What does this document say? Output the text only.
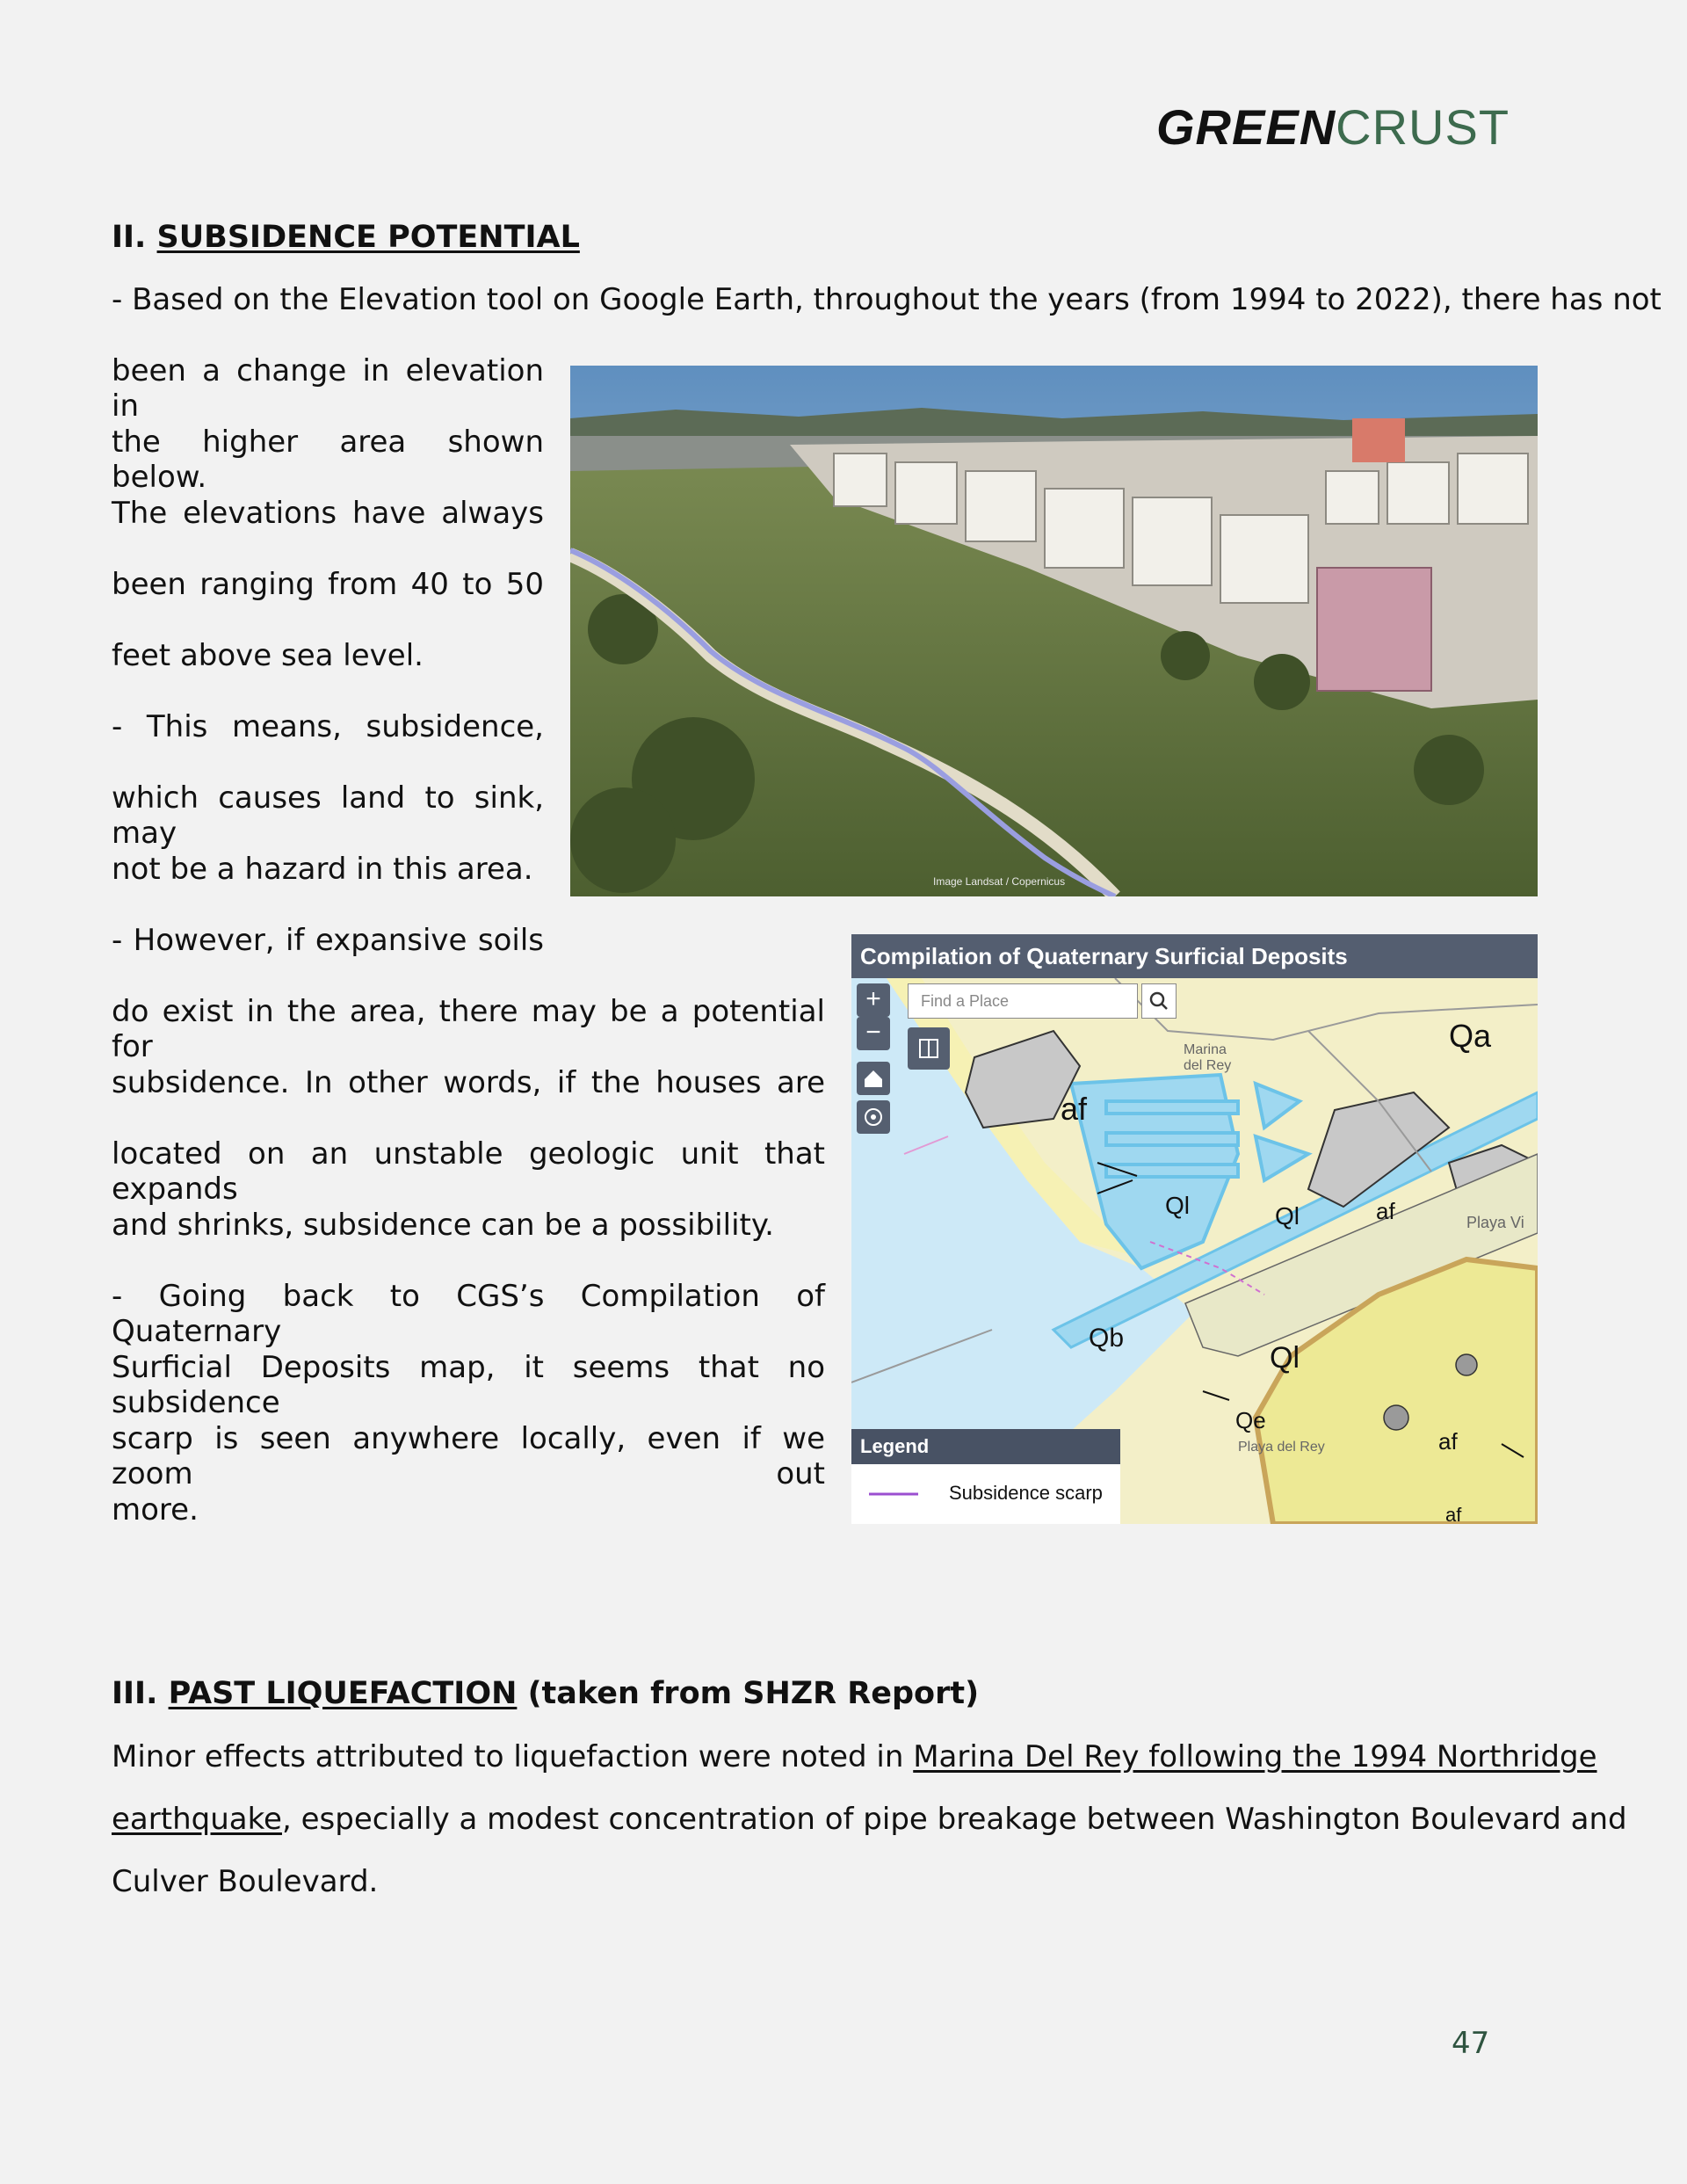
GREENCRUST
II. SUBSIDENCE POTENTIAL
- Based on the Elevation tool on Google Earth, throughout the years (from 1994 to 2022), there has not
been a change in elevation in
the higher area shown below.
The elevations have always
been ranging from 40 to 50
feet above sea level.
- This means, subsidence,
which causes land to sink, may
not be a hazard in this area.
- However, if expansive soils
do exist in the area, there may be a potential for
subsidence. In other words, if the houses are
located on an unstable geologic unit that expands
and shrinks, subsidence can be a possibility.
- Going back to CGS’s Compilation of Quaternary
Surficial Deposits map, it seems that no subsidence
scarp is seen anywhere locally, even if we zoom out
more.
Image Landsat / Copernicus
Compilation of Quaternary Surficial Deposits
+
−
Find a Place
Qa
af
Marina del Rey
Ql	Ql	af	Playa Vi
Qb
Ql
Qe
Playa del Rey	af
af
Legend
Subsidence scarp
III. PAST LIQUEFACTION (taken from SHZR Report)
Minor effects attributed to liquefaction were noted in Marina Del Rey following the 1994 Northridge
earthquake, especially a modest concentration of pipe breakage between Washington Boulevard and
Culver Boulevard.
47
